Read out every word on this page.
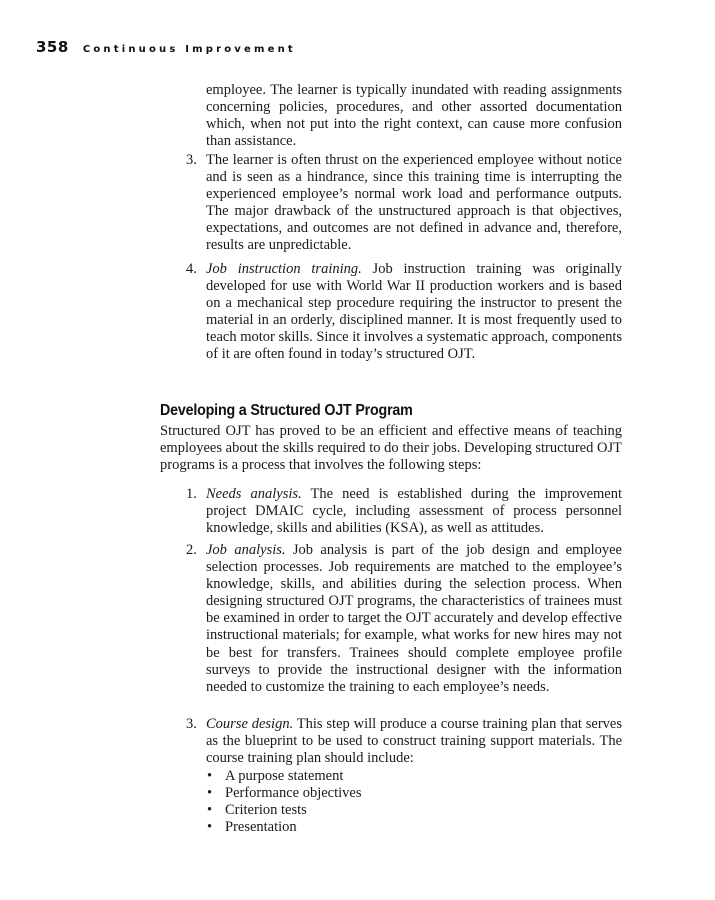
358 Continuous Improvement

employee. The learner is typically inundated with reading assignments concerning policies, procedures, and other assorted documentation which, when not put into the right context, can cause more confusion than assistance.

3. The learner is often thrust on the experienced employee without notice and is seen as a hindrance, since this training time is interrupting the experienced employee’s normal work load and performance outputs. The major drawback of the unstructured approach is that objectives, expectations, and outcomes are not defined in advance and, therefore, results are unpredictable.
4. Job instruction training. Job instruction training was originally developed for use with World War II production workers and is based on a mechanical step procedure requiring the instructor to present the material in an orderly, disciplined manner. It is most frequently used to teach motor skills. Since it involves a systematic approach, components of it are often found in today’s structured OJT.
Developing a Structured OJT Program

Structured OJT has proved to be an efficient and effective means of teaching employees about the skills required to do their jobs. Developing structured OJT programs is a process that involves the following steps:

1. Needs analysis. The need is established during the improvement project DMAIC cycle, including assessment of process personnel knowledge, skills and abilities (KSA), as well as attitudes.
2. Job analysis. Job analysis is part of the job design and employee selection processes. Job requirements are matched to the employee’s knowledge, skills, and abilities during the selection process. When designing structured OJT programs, the characteristics of trainees must be examined in order to target the OJT accurately and develop effective instructional materials; for example, what works for new hires may not be best for transfers. Trainees should complete employee profile surveys to provide the instructional designer with the information needed to customize the training to each employee’s needs.
3. Course design. This step will produce a course training plan that serves as the blueprint to be used to construct training support materials. The course training plan should include:
• A purpose statement
• Performance objectives
• Criterion tests
• Presentation
